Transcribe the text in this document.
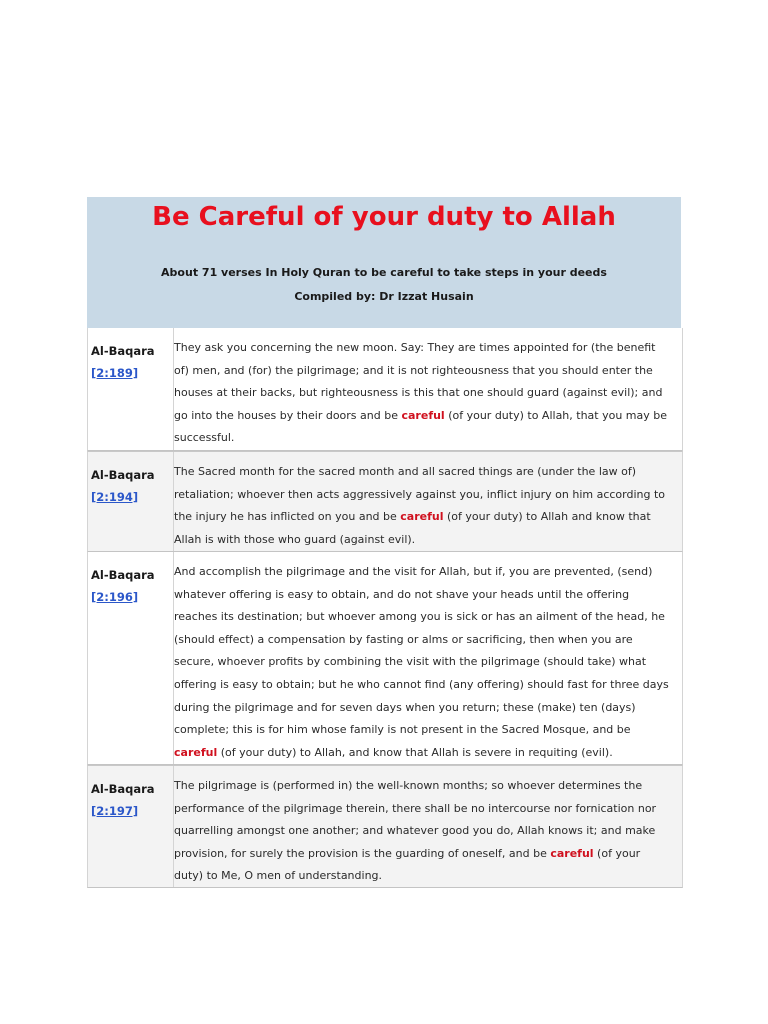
Be Careful of your duty to Allah
About 71 verses In Holy Quran to be careful to take steps in your deeds
Compiled by: Dr Izzat Husain
Al-Baqara
[2:189]
They ask you concerning the new moon. Say: They are times appointed for (the benefit
of) men, and (for) the pilgrimage; and it is not righteousness that you should enter the
houses at their backs, but righteousness is this that one should guard (against evil); and
go into the houses by their doors and be careful (of your duty) to Allah, that you may be
successful.
Al-Baqara
[2:194]
The Sacred month for the sacred month and all sacred things are (under the law of)
retaliation; whoever then acts aggressively against you, inflict injury on him according to
the injury he has inflicted on you and be careful (of your duty) to Allah and know that
Allah is with those who guard (against evil).
Al-Baqara
[2:196]
And accomplish the pilgrimage and the visit for Allah, but if, you are prevented, (send)
whatever offering is easy to obtain, and do not shave your heads until the offering
reaches its destination; but whoever among you is sick or has an ailment of the head, he
(should effect) a compensation by fasting or alms or sacrificing, then when you are
secure, whoever profits by combining the visit with the pilgrimage (should take) what
offering is easy to obtain; but he who cannot find (any offering) should fast for three days
during the pilgrimage and for seven days when you return; these (make) ten (days)
complete; this is for him whose family is not present in the Sacred Mosque, and be
careful (of your duty) to Allah, and know that Allah is severe in requiting (evil).
Al-Baqara
[2:197]
The pilgrimage is (performed in) the well-known months; so whoever determines the
performance of the pilgrimage therein, there shall be no intercourse nor fornication nor
quarrelling amongst one another; and whatever good you do, Allah knows it; and make
provision, for surely the provision is the guarding of oneself, and be careful (of your
duty) to Me, O men of understanding.
